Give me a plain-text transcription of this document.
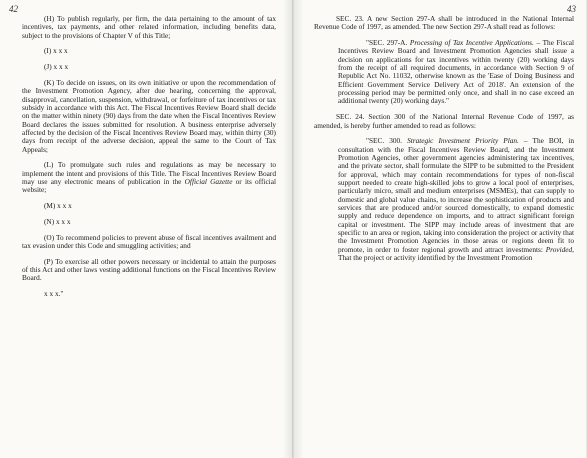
42

(H) To publish regularly, per firm, the data pertaining to the amount of tax incentives, tax payments, and other related information, including benefits data, subject to the provisions of Chapter V of this Title;

(I) x x x

(J) x x x

(K) To decide on issues, on its own initiative or upon the recommendation of the Investment Promotion Agency, after due hearing, concerning the approval, disapproval, cancellation, suspension, withdrawal, or forfeiture of tax incentives or tax subsidy in accordance with this Act. The Fiscal Incentives Review Board shall decide on the matter within ninety (90) days from the date when the Fiscal Incentives Review Board declares the issues submitted for resolution. A business enterprise adversely affected by the decision of the Fiscal Incentives Review Board may, within thirty (30) days from receipt of the adverse decision, appeal the same to the Court of Tax Appeals;

(L) To promulgate such rules and regulations as may be necessary to implement the intent and provisions of this Title. The Fiscal Incentives Review Board may use any electronic means of publication in the Official Gazette or its official website;

(M) x x x

(N) x x x

(O) To recommend policies to prevent abuse of fiscal incentives availment and tax evasion under this Code and smuggling activities; and

(P) To exercise all other powers necessary or incidental to attain the purposes of this Act and other laws vesting additional functions on the Fiscal Incentives Review Board.

x x x."

43

SEC. 23. A new Section 297-A shall be introduced in the National Internal Revenue Code of 1997, as amended. The new Section 297-A shall read as follows:

"SEC. 297-A. Processing of Tax Incentive Applications. – The Fiscal Incentives Review Board and Investment Promotion Agencies shall issue a decision on applications for tax incentives within twenty (20) working days from the receipt of all required documents, in accordance with Section 9 of Republic Act No. 11032, otherwise known as the 'Ease of Doing Business and Efficient Government Service Delivery Act of 2018'. An extension of the processing period may be permitted only once, and shall in no case exceed an additional twenty (20) working days."

SEC. 24. Section 300 of the National Internal Revenue Code of 1997, as amended, is hereby further amended to read as follows:

"SEC. 300. Strategic Investment Priority Plan. – The BOI, in consultation with the Fiscal Incentives Review Board, and the Investment Promotion Agencies, other government agencies administering tax incentives, and the private sector, shall formulate the SIPP to be submitted to the President for approval, which may contain recommendations for types of non-fiscal support needed to create high-skilled jobs to grow a local pool of enterprises, particularly micro, small and medium enterprises (MSMEs), that can supply to domestic and global value chains, to increase the sophistication of products and services that are produced and/or sourced domestically, to expand domestic supply and reduce dependence on imports, and to attract significant foreign capital or investment. The SIPP may include areas of investment that are specific to an area or region, taking into consideration the project or activity that the Investment Promotion Agencies in those areas or regions deem fit to promote, in order to foster regional growth and attract investments: Provided, That the project or activity identified by the Investment Promotion
